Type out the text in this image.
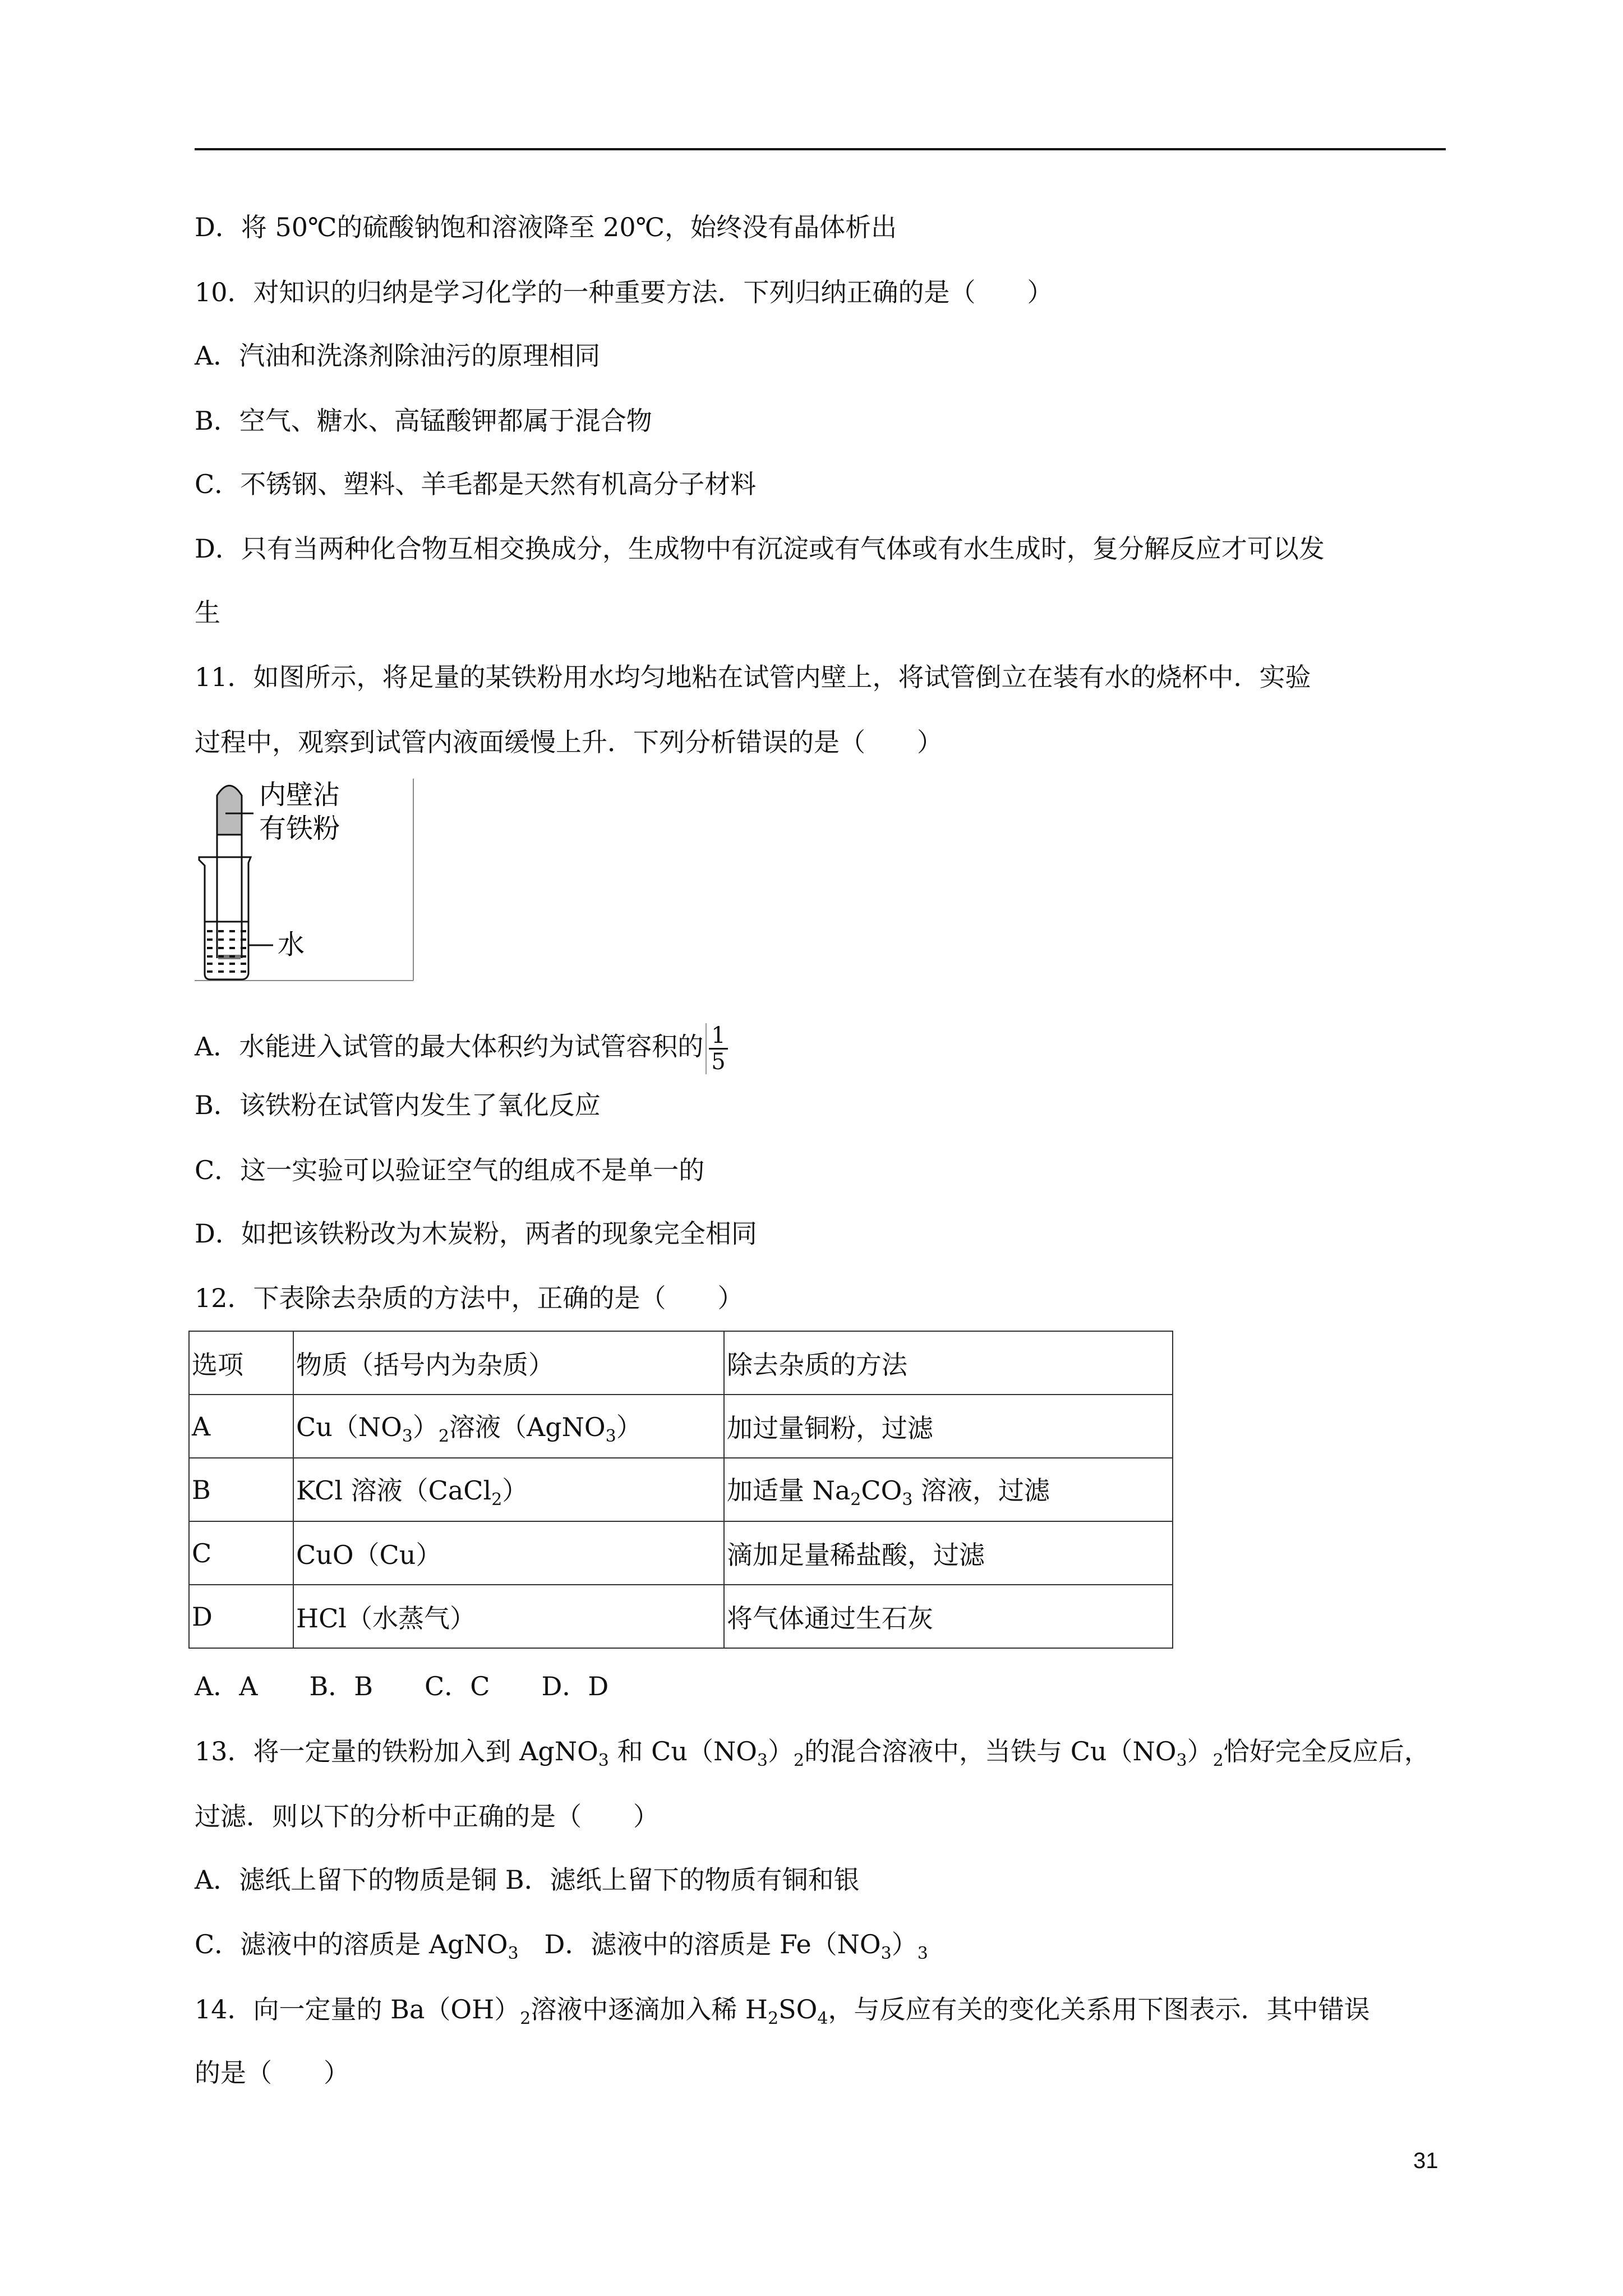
D．将 50℃的硫酸钠饱和溶液降至 20℃，始终没有晶体析出
10．对知识的归纳是学习化学的一种重要方法．下列归纳正确的是（　　）
A．汽油和洗涤剂除油污的原理相同
B．空气、糖水、高锰酸钾都属于混合物
C．不锈钢、塑料、羊毛都是天然有机高分子材料
D．只有当两种化合物互相交换成分，生成物中有沉淀或有气体或有水生成时，复分解反应才可以发
生
11．如图所示，将足量的某铁粉用水均匀地粘在试管内壁上，将试管倒立在装有水的烧杯中．实验
过程中，观察到试管内液面缓慢上升．下列分析错误的是（　　）
A．水能进入试管的最大体积约为试管容积的 $\frac{1}{5}$
B．该铁粉在试管内发生了氧化反应
C．这一实验可以验证空气的组成不是单一的
D．如把该铁粉改为木炭粉，两者的现象完全相同
12．下表除去杂质的方法中，正确的是（　　）
A．A　　B．B　　C．C　　D．D
13．将一定量的铁粉加入到 AgNO$_3$ 和 $Cu(NO_3)_2$的混合溶液中，当铁与 $Cu(NO_3)_2$恰好完全反应后，
过滤．则以下的分析中正确的是（　　）
A．滤纸上留下的物质是铜 B．滤纸上留下的物质有铜和银
C．滤液中的溶质是 AgNO$_3$　D．滤液中的溶质是 $Fe(NO_3)_3$
14．向一定量的 $Ba(OH)_2$溶液中逐滴加入稀 $H_2SO_4$，与反应有关的变化关系用下图表示．其中错误
的是（　　）
内壁沾
有铁粉
水
选项	物质（括号内为杂质）	除去杂质的方法
A	$Cu(NO_3)_2$溶液（AgNO$_3$）	加过量铜粉，过滤
B	KCl 溶液（CaCl$_2$）	加适量 $Na_2CO_3$ 溶液，过滤
C	CuO（Cu）	滴加足量稀盐酸，过滤
D	HCl（水蒸气）	将气体通过生石灰
31
